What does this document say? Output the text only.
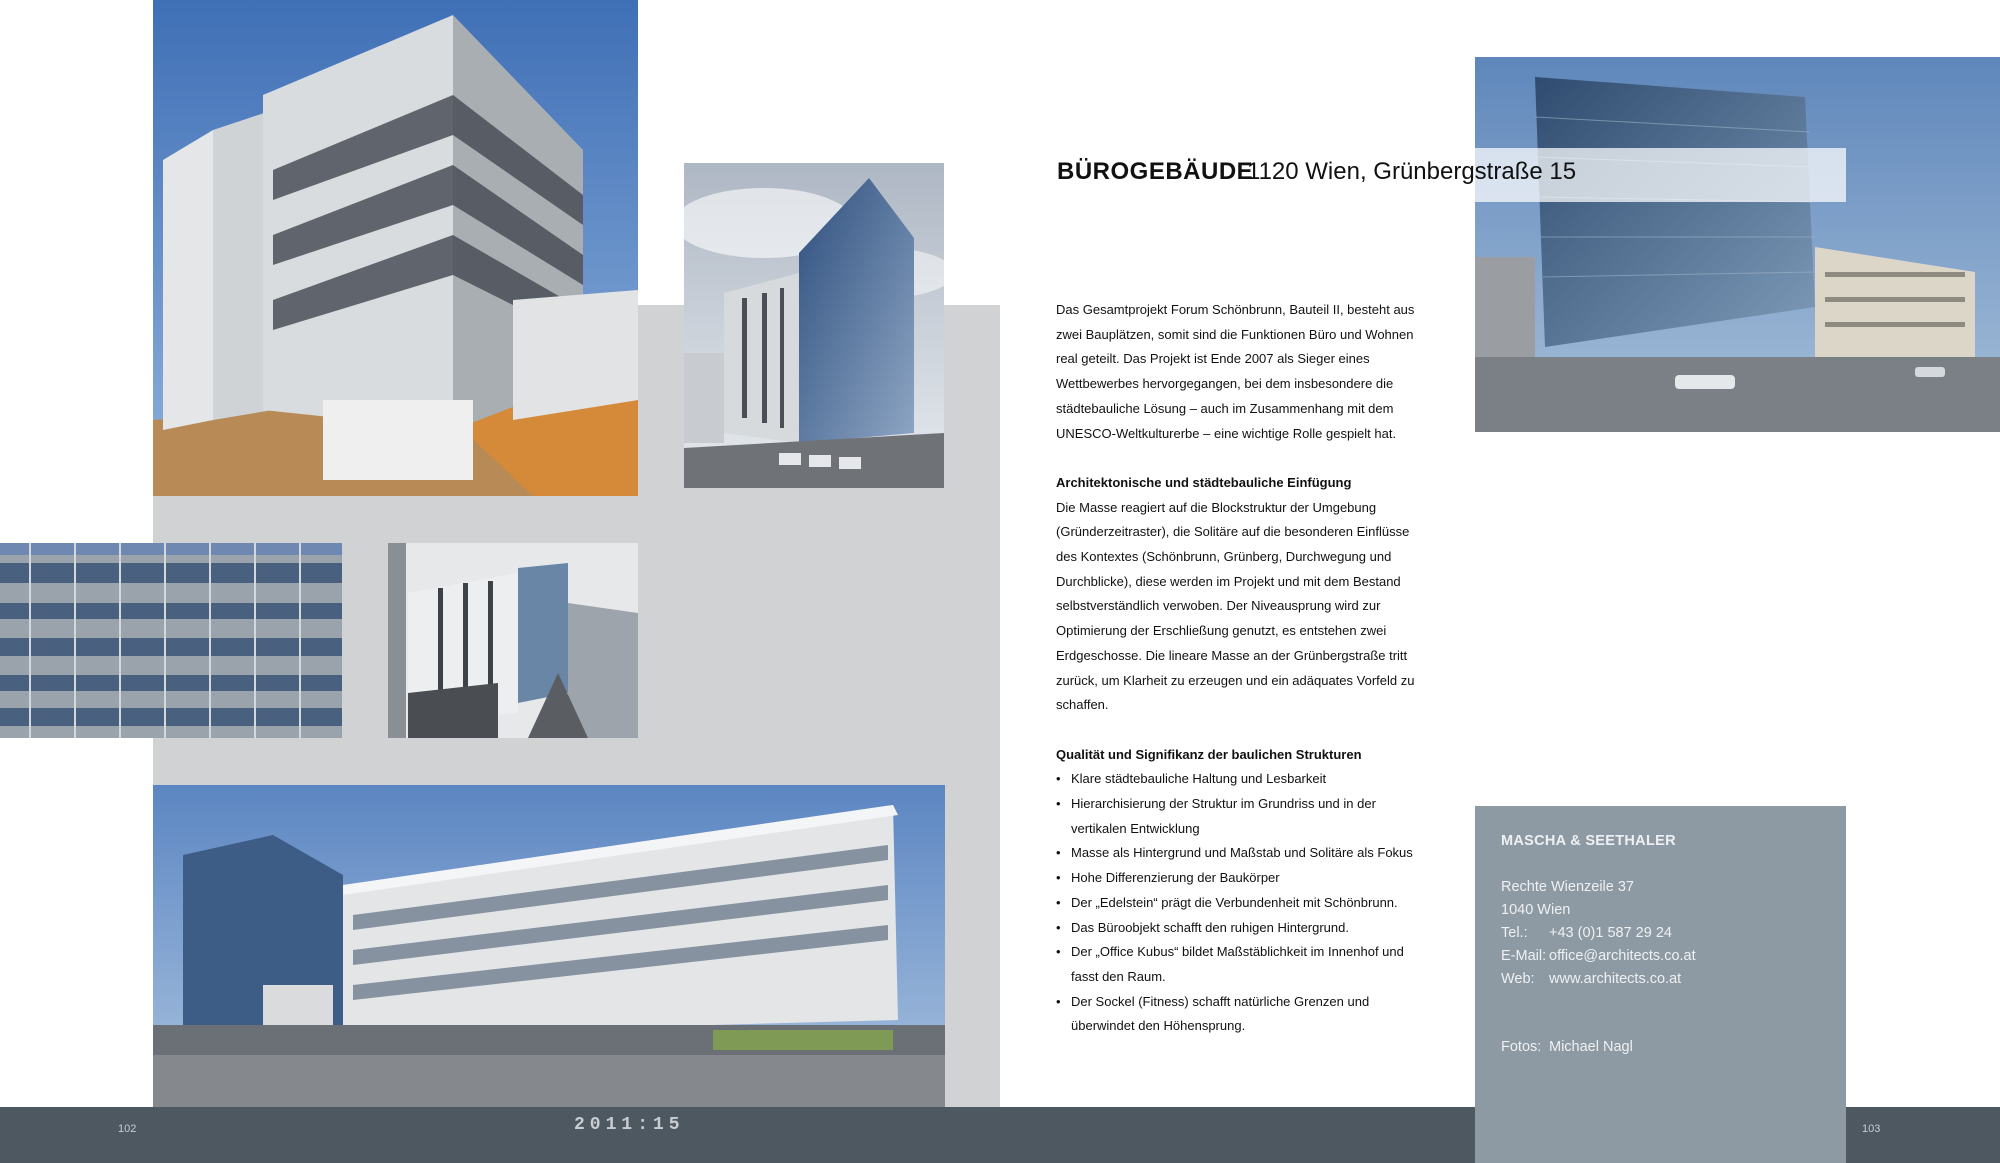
BÜROGEBÄUDE
1120 Wien, Grünbergstraße 15

Das Gesamtprojekt Forum Schönbrunn, Bauteil II, besteht aus zwei Bauplätzen, somit sind die Funktionen Büro und Wohnen real geteilt. Das Projekt ist Ende 2007 als Sieger eines Wettbewerbes hervorgegangen, bei dem insbesondere die städtebauliche Lösung – auch im Zusammenhang mit dem UNESCO-Weltkulturerbe – eine wichtige Rolle gespielt hat.

Architektonische und städtebauliche Einfügung

Die Masse reagiert auf die Blockstruktur der Umgebung (Gründerzeitraster), die Solitäre auf die besonderen Einflüsse des Kontextes (Schönbrunn, Grünberg, Durchwegung und Durchblicke), diese werden im Projekt und mit dem Bestand selbstverständlich verwoben. Der Niveausprung wird zur Optimierung der Erschließung genutzt, es entstehen zwei Erdgeschosse. Die lineare Masse an der Grünbergstraße tritt zurück, um Klarheit zu erzeugen und ein adäquates Vorfeld zu schaffen.

Qualität und Signifikanz der baulichen Strukturen
• Klare städtebauliche Haltung und Lesbarkeit
• Hierarchisierung der Struktur im Grundriss und in der vertikalen Entwicklung
• Masse als Hintergrund und Maßstab und Solitäre als Fokus
• Hohe Differenzierung der Baukörper
• Der „Edelstein“ prägt die Verbundenheit mit Schönbrunn.
• Das Büroobjekt schafft den ruhigen Hintergrund.
• Der „Office Kubus“ bildet Maßstäblichkeit im Innenhof und fasst den Raum.
• Der Sockel (Fitness) schafft natürliche Grenzen und überwindet den Höhensprung.
102	2011:15	103
MASCHA & SEETHALER
Rechte Wienzeile 37
1040 Wien
Tel.:	+43 (0)1 587 29 24
E-Mail: office@architects.co.at
Web: www.architects.co.at
Fotos: Michael Nagl
